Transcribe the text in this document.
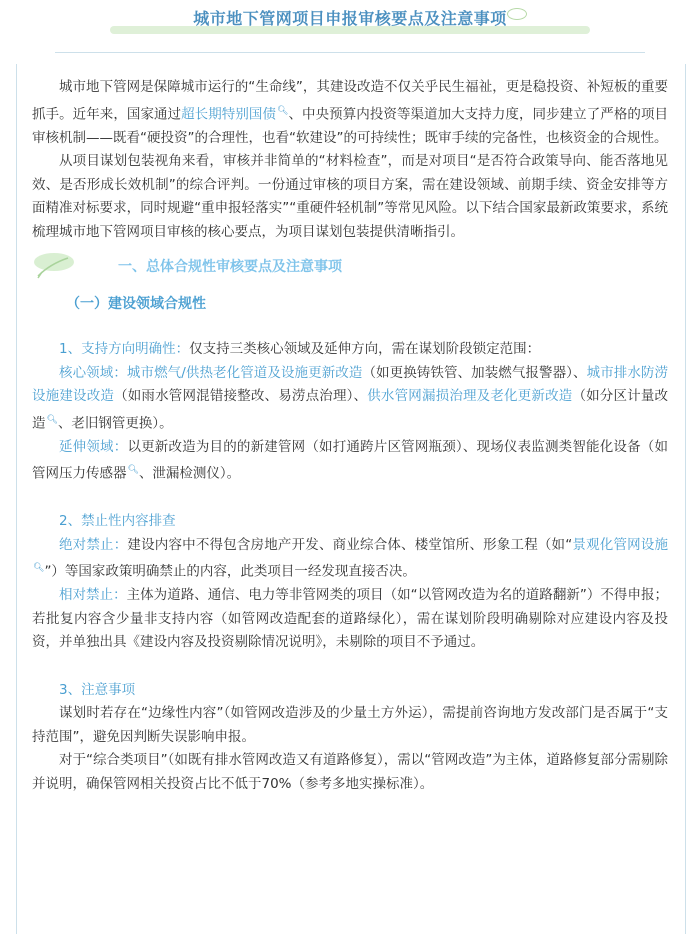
城市地下管网项目申报审核要点及注意事项

城市地下管网是保障城市运行的“生命线”，其建设改造不仅关乎民生福祉，更是稳投资、补短板的重要抓手。近年来，国家通过超长期特别国债🔍︎、中央预算内投资等渠道加大支持力度，同步建立了严格的项目审核机制——既看“硬投资”的合理性，也看“软建设”的可持续性；既审手续的完备性，也核资金的合规性。

从项目谋划包装视角来看，审核并非简单的“材料检查”，而是对项目“是否符合政策导向、能否落地见效、是否形成长效机制”的综合评判。一份通过审核的项目方案，需在建设领域、前期手续、资金安排等方面精准对标要求，同时规避“重申报轻落实”“重硬件轻机制”等常见风险。以下结合国家最新政策要求，系统梳理城市地下管网项目审核的核心要点，为项目谋划包装提供清晰指引。

一、总体合规性审核要点及注意事项

（一）建设领域合规性

1、支持方向明确性：仅支持三类核心领域及延伸方向，需在谋划阶段锁定范围：

核心领域：城市燃气/供热老化管道及设施更新改造（如更换铸铁管、加装燃气报警器）、城市排水防涝设施建设改造（如雨水管网混错接整改、易涝点治理）、供水管网漏损治理及老化更新改造（如分区计量改造🔍︎、老旧钢管更换）。

延伸领域：以更新改造为目的的新建管网（如打通跨片区管网瓶颈）、现场仪表监测类智能化设备（如管网压力传感器🔍︎、泄漏检测仪）。

2、禁止性内容排查

绝对禁止：建设内容中不得包含房地产开发、商业综合体、楼堂馆所、形象工程（如“景观化管网设施🔍︎”）等国家政策明确禁止的内容，此类项目一经发现直接否决。

相对禁止：主体为道路、通信、电力等非管网类的项目（如“以管网改造为名的道路翻新”）不得申报；若批复内容含少量非支持内容（如管网改造配套的道路绿化），需在谋划阶段明确剔除对应建设内容及投资，并单独出具《建设内容及投资剔除情况说明》，未剔除的项目不予通过。

3、注意事项

谋划时若存在“边缘性内容”（如管网改造涉及的少量土方外运），需提前咨询地方发改部门是否属于“支持范围”，避免因判断失误影响申报。

对于“综合类项目”（如既有排水管网改造又有道路修复），需以“管网改造”为主体，道路修复部分需剔除并说明，确保管网相关投资占比不低于70%（参考多地实操标准）。
